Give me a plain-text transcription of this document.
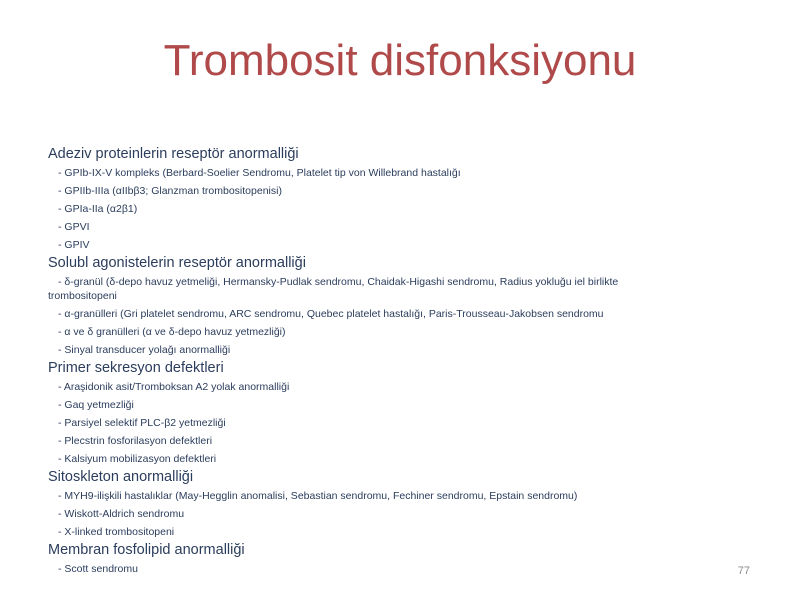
Trombosit disfonksiyonu
Adeziv proteinlerin reseptör anormalliği
- GPIb-IX-V kompleks (Berbard-Soelier Sendromu, Platelet tip von Willebrand hastalığı
- GPIIb-IIIa (αIIbβ3; Glanzman trombositopenisi)
- GPIa-IIa (α2β1)
- GPVI
- GPIV
Solubl agonistelerin reseptör anormalliği
- δ-granül (δ-depo havuz yetmeliği, Hermansky-Pudlak sendromu, Chaidak-Higashi sendromu, Radius yokluğu iel birlikte
trombositopeni
- α-granülleri (Gri platelet sendromu, ARC sendromu, Quebec platelet hastalığı, Paris-Trousseau-Jakobsen sendromu
- α ve δ granülleri (α ve δ-depo havuz yetmezliği)
- Sinyal transducer yolağı anormalliği
Primer sekresyon defektleri
- Araşidonik asit/Tromboksan A2 yolak anormalliği
- Gaq yetmezliği
- Parsiyel selektif PLC-β2 yetmezliği
- Plecstrin fosforilasyon defektleri
- Kalsiyum mobilizasyon defektleri
Sitoskleton anormalliği
- MYH9-ilişkili hastalıklar (May-Hegglin anomalisi, Sebastian sendromu, Fechiner sendromu, Epstain sendromu)
- Wiskott-Aldrich sendromu
- X-linked trombositopeni
Membran fosfolipid anormalliği
- Scott sendromu	77
